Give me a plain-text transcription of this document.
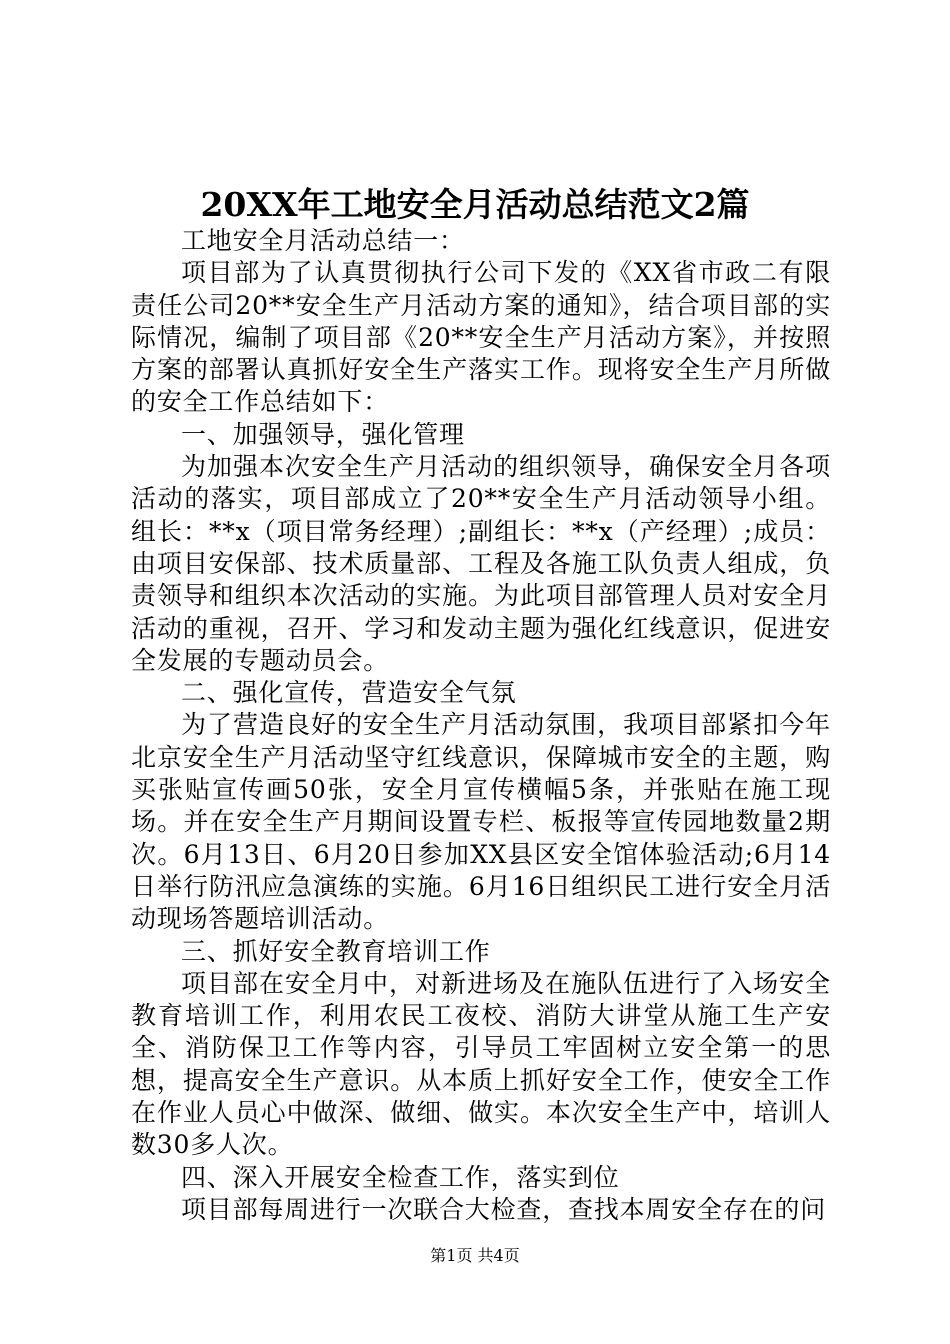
20XX年工地安全月活动总结范文2篇

工地安全月活动总结一：

项目部为了认真贯彻执行公司下发的《XX省市政二有限责任公司20**安全生产月活动方案的通知》，结合项目部的实际情况，编制了项目部《20**安全生产月活动方案》，并按照方案的部署认真抓好安全生产落实工作。现将安全生产月所做的安全工作总结如下：

一、加强领导，强化管理

为加强本次安全生产月活动的组织领导，确保安全月各项活动的落实，项目部成立了20**安全生产月活动领导小组。组长：**x（项目常务经理）;副组长：**x（产经理）;成员：由项目安保部、技术质量部、工程及各施工队负责人组成，负责领导和组织本次活动的实施。为此项目部管理人员对安全月活动的重视，召开、学习和发动主题为强化红线意识，促进安全发展的专题动员会。

二、强化宣传，营造安全气氛

为了营造良好的安全生产月活动氛围，我项目部紧扣今年北京安全生产月活动坚守红线意识，保障城市安全的主题，购买张贴宣传画50张，安全月宣传横幅5条，并张贴在施工现场。并在安全生产月期间设置专栏、板报等宣传园地数量2期次。6月13日、6月20日参加XX县区安全馆体验活动;6月14日举行防汛应急演练的实施。6月16日组织民工进行安全月活动现场答题培训活动。

三、抓好安全教育培训工作

项目部在安全月中，对新进场及在施队伍进行了入场安全教育培训工作，利用农民工夜校、消防大讲堂从施工生产安全、消防保卫工作等内容，引导员工牢固树立安全第一的思想，提高安全生产意识。从本质上抓好安全工作，使安全工作在作业人员心中做深、做细、做实。本次安全生产中，培训人数30多人次。

四、深入开展安全检查工作，落实到位

项目部每周进行一次联合大检查，查找本周安全存在的问

第1页 共4页
